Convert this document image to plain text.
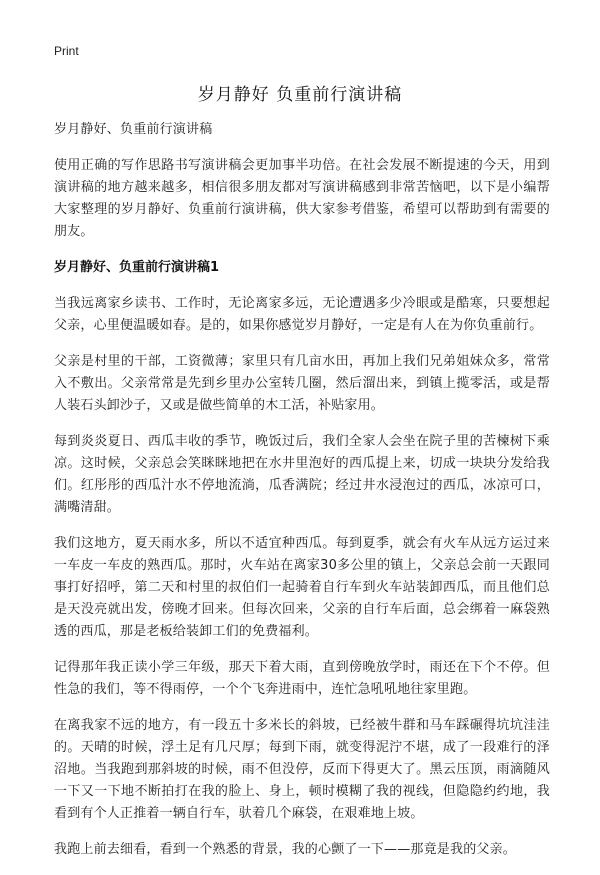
Print
岁月静好 负重前行演讲稿

岁月静好、负重前行演讲稿

使用正确的写作思路书写演讲稿会更加事半功倍。在社会发展不断提速的今天，用到演讲稿的地方越来越多，相信很多朋友都对写演讲稿感到非常苦恼吧，以下是小编帮大家整理的岁月静好、负重前行演讲稿，供大家参考借鉴，希望可以帮助到有需要的朋友。

岁月静好、负重前行演讲稿1

当我远离家乡读书、工作时，无论离家多远，无论遭遇多少冷眼或是酷寒，只要想起父亲，心里便温暖如春。是的，如果你感觉岁月静好，一定是有人在为你负重前行。

父亲是村里的干部，工资微薄；家里只有几亩水田，再加上我们兄弟姐妹众多，常常入不敷出。父亲常常是先到乡里办公室转几圈，然后溜出来，到镇上揽零活，或是帮人装石头卸沙子，又或是做些简单的木工活，补贴家用。

每到炎炎夏日、西瓜丰收的季节，晚饭过后，我们全家人会坐在院子里的苦楝树下乘凉。这时候，父亲总会笑眯眯地把在水井里泡好的西瓜提上来，切成一块块分发给我们。红彤彤的西瓜汁水不停地流淌，瓜香满院；经过井水浸泡过的西瓜，冰凉可口，满嘴清甜。

我们这地方，夏天雨水多，所以不适宜种西瓜。每到夏季，就会有火车从远方运过来一车皮一车皮的熟西瓜。那时，火车站在离家30多公里的镇上，父亲总会前一天跟同事打好招呼，第二天和村里的叔伯们一起骑着自行车到火车站装卸西瓜，而且他们总是天没亮就出发，傍晚才回来。但每次回来，父亲的自行车后面，总会绑着一麻袋熟透的西瓜，那是老板给装卸工们的免费福利。

记得那年我正读小学三年级，那天下着大雨，直到傍晚放学时，雨还在下个不停。但性急的我们，等不得雨停，一个个飞奔进雨中，连忙急吼吼地往家里跑。

在离我家不远的地方，有一段五十多米长的斜坡，已经被牛群和马车踩碾得坑坑洼洼的。天晴的时候，浮土足有几尺厚；每到下雨，就变得泥泞不堪，成了一段难行的泽沼地。当我跑到那斜坡的时候，雨不但没停，反而下得更大了。黑云压顶，雨滴随风一下又一下地不断拍打在我的脸上、身上，顿时模糊了我的视线，但隐隐约约地，我看到有个人正推着一辆自行车，驮着几个麻袋，在艰难地上坡。

我跑上前去细看，看到一个熟悉的背景，我的心颤了一下——那竟是我的父亲。
